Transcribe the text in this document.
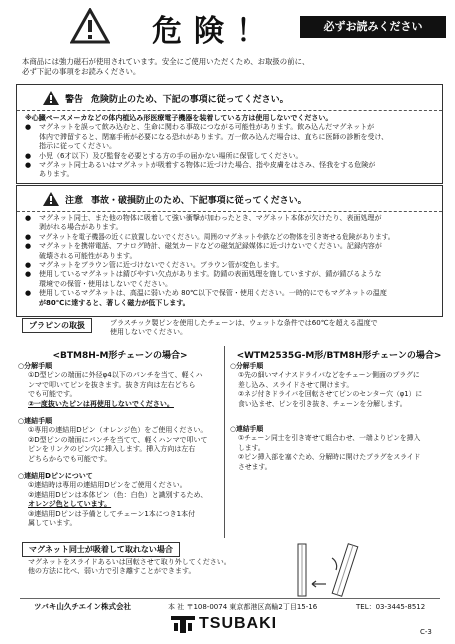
危険！	必ずお読みください
本商品には強力磁石が使用されています。安全にご使用いただくため、お取扱の前に、
必ず下記の事項をお読みください。
警告 危険防止のため、下記の事項に従ってください。
※心臓ペースメーカなどの体内植込み形医療電子機器を装着している方は使用しないでください。
●	マグネットを誤って飲み込むと、生命に関わる事故につながる可能性があります。飲み込んだマグネットが
体内で滞留すると、閉塞手術が必要になる恐れがあります。万一飲み込んだ場合は、直ちに医師の診断を受け、
指示に従ってください。
●	小児（6才以下）及び監督を必要とする方の手の届かない場所に保管してください。
●	マグネット同士あるいはマグネットが吸着する物体に近づけた場合、指や皮膚をはさみ、怪我をする危険が
あります。
注意 事故・破損防止のため、下記事項に従ってください。
●	マグネット同士、また他の物体に吸着して強い衝撃が加わったとき、マグネット本体が欠けたり、表面処理が
剥がれる場合があります。
●	マグネットを電子機器の近くに放置しないでください。周囲のマグネットや鉄などの物体を引き寄せる危険があります。
●	マグネットを携帯電話、アナログ時計、磁気カードなどの磁気記録媒体に近づけないでください。記録内容が
破壊される可能性があります。
●	マグネットをブラウン管に近づけないでください。ブラウン管が変色します。
●	使用しているマグネットは錆びやすい欠点があります。防錆の表面処理を施していますが、錆が錆びるような
環境での保管・使用はしないでください。
●	使用しているマグネットは、高温に弱いため 80℃以下で保管・使用ください。一時的にでもマグネットの温度
が80℃に達すると、著しく磁力が低下します。
プラピンの取扱	プラスチック製ピンを使用したチェーンは、ウェットな条件では60℃を超える温度で
使用しないでください。
<BTM8H-M形チェーンの場合>
○分解手順
①D型ピンの端面に外径φ4以下のパンチを当て、軽くハ
ンマで叩いてピンを抜きます。抜き方向は左右どちら
でも可能です。
②一度抜いたピンは再使用しないでください。
○連結手順
①専用の連結用Dピン（オレンジ色）をご使用ください。
②D型ピンの端面にパンチを当てて、軽くハンマで叩いて
ピンをリンクのピン穴に挿入します。挿入方向は左右
どちらからでも可能です。
○連結用Dピンについて
①連結時は専用の連結用Dピンをご使用ください。
②連結用Dピンは本体ピン（色：白色）と識別するため、
オレンジ色としています。
③連結用Dピンは予備としてチェーン1本につき1本付
属しています。
<WTM2535G-M形/BTM8H形チェーンの場合>
○分解手順
①先の細いマイナスドライバなどをチェーン側面のプラグに
差し込み、スライドさせて開けます。
②ネジ付きドライバを回転させてピンのセンター穴（φ1）に
食い込ませ、ピンを引き抜き、チェーンを分解します。
○連結手順
①チェーン同士を引き寄せて組合わせ、一端よりピンを挿入
します。
②ピン挿入部を塞ぐため、分解時に開けたプラグをスライド
させます。
マグネット同士が吸着して取れない場合
マグネットをスライドあるいは回転させて取り外してください。
他の方法に比べ、弱い力で引き離すことができます。
ツバキ山久チエイン株式会社	本 社 〒108-0074 東京都港区高輪2丁目15-16	TEL：03-3445-8512
TSUBAKI	C-3
